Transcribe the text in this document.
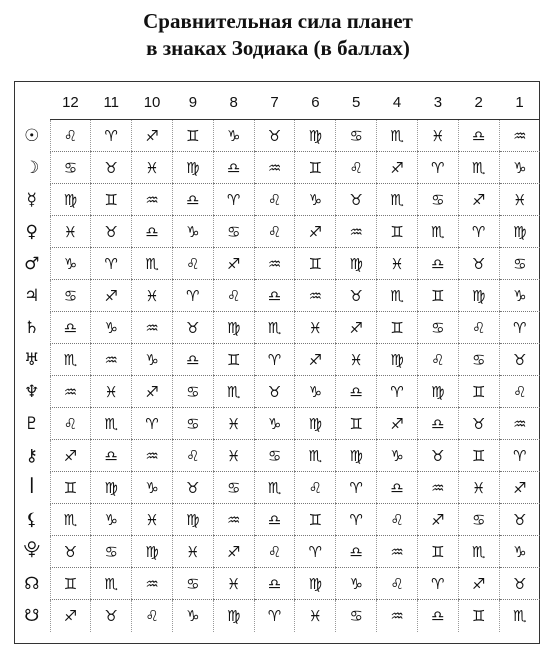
Сравнительная сила планет
в знаках Зодиака (в баллах)
	12	11	10	9	8	7	6	5	4	3	2	1
☉	♌	♈	♐	♊	♑	♉	♍	♋	♏	♓	♎	♒
☽	♋	♉	♓	♍	♎	♒	♊	♌	♐	♈	♏	♑
☿	♍	♊	♒	♎	♈	♌	♑	♉	♏	♋	♐	♓
♀	♓	♉	♎	♑	♋	♌	♐	♒	♊	♏	♈	♍
♂	♑	♈	♏	♌	♐	♒	♊	♍	♓	♎	♉	♋
♃	♋	♐	♓	♈	♌	♎	♒	♉	♏	♊	♍	♑
♄	♎	♑	♒	♉	♍	♏	♓	♐	♊	♋	♌	♈
♅	♏	♒	♑	♎	♊	♈	♐	♓	♍	♌	♋	♉
♆	♒	♓	♐	♋	♏	♉	♑	♎	♈	♍	♊	♌
♇	♌	♏	♈	♋	♓	♑	♍	♊	♐	♎	♉	♒
⚷	♐	♎	♒	♌	♓	♋	♏	♍	♑	♉	♊	♈
ꟾ	♊	♍	♑	♉	♋	♏	♌	♈	♎	♒	♓	♐
⚸	♏	♑	♓	♍	♒	♎	♊	♈	♌	♐	♋	♉
⯓	♉	♋	♍	♓	♐	♌	♈	♎	♒	♊	♏	♑
☊	♊	♏	♒	♋	♓	♎	♍	♑	♌	♈	♐	♉
☋	♐	♉	♌	♑	♍	♈	♓	♋	♒	♎	♊	♏
